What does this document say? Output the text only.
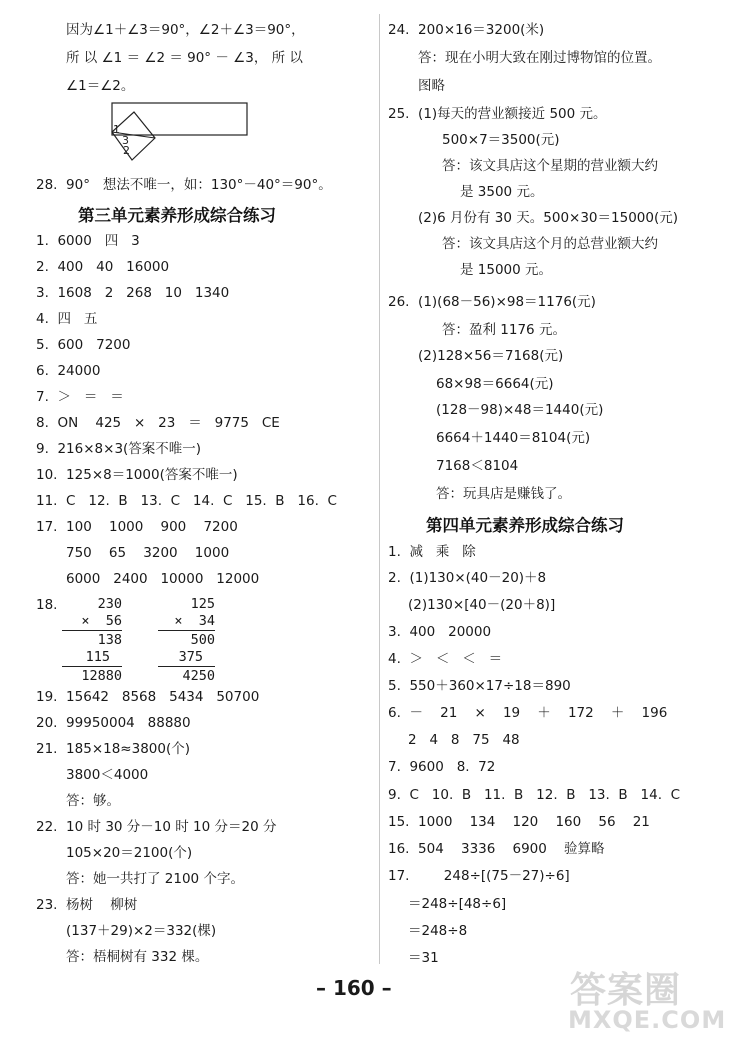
因为∠1＋∠3＝90°，∠2＋∠3＝90°，
所 以 ∠1 ＝ ∠2 ＝ 90° － ∠3， 所 以
∠1＝∠2。
1
3
2
28.  90°   想法不唯一，如：130°－40°＝90°。
第三单元素养形成综合练习
1.  6000   四   3
2.  400   40   16000
3.  1608   2   268   10   1340
4.  四   五
5.  600   7200
6.  24000
7.  ＞   ＝   ＝
8.  ON    425   ×   23   ＝   9775   CE
9.  216×8×3(答案不唯一)
10.  125×8＝1000(答案不唯一)
11.  C   12.  B   13.  C   14.  C   15.  B   16.  C
17.  100    1000    900    7200
750    65    3200    1000
6000   2400   10000   12000
18.	230
×  56
138
115
12880
125
×  34
500
375
4250
19.  15642   8568   5434   50700
20.  99950004   88880
21.  185×18≈3800(个)
3800＜4000
答：够。
22.  10 时 30 分－10 时 10 分＝20 分
105×20＝2100(个)
答：她一共打了 2100 个字。
23.  杨树    柳树
(137＋29)×2＝332(棵)
答：梧桐树有 332 棵。
24.  200×16＝3200(米)
答：现在小明大致在刚过博物馆的位置。
图略
25.  (1)每天的营业额接近 500 元。
500×7＝3500(元)
答：该文具店这个星期的营业额大约
是 3500 元。
(2)6 月份有 30 天。500×30＝15000(元)
答：该文具店这个月的总营业额大约
是 15000 元。
26.  (1)(68－56)×98＝1176(元)
答：盈利 1176 元。
(2)128×56＝7168(元)
68×98＝6664(元)
(128－98)×48＝1440(元)
6664＋1440＝8104(元)
7168＜8104
答：玩具店是赚钱了。
第四单元素养形成综合练习
1.  减   乘   除
2.  (1)130×(40－20)＋8
(2)130×[40－(20＋8)]
3.  400   20000
4.  ＞   ＜   ＜   ＝
5.  550＋360×17÷18＝890
6.  －    21    ×    19    ＋    172    ＋    196
2   4   8   75   48
7.  9600   8.  72
9.  C   10.  B   11.  B   12.  B   13.  B   14.  C
15.  1000    134    120    160    56    21
16.  504    3336    6900    验算略
17.        248÷[(75－27)÷6]
＝248÷[48÷6]
＝248÷8
＝31
– 160 –	答案圈
MXQE.COM
